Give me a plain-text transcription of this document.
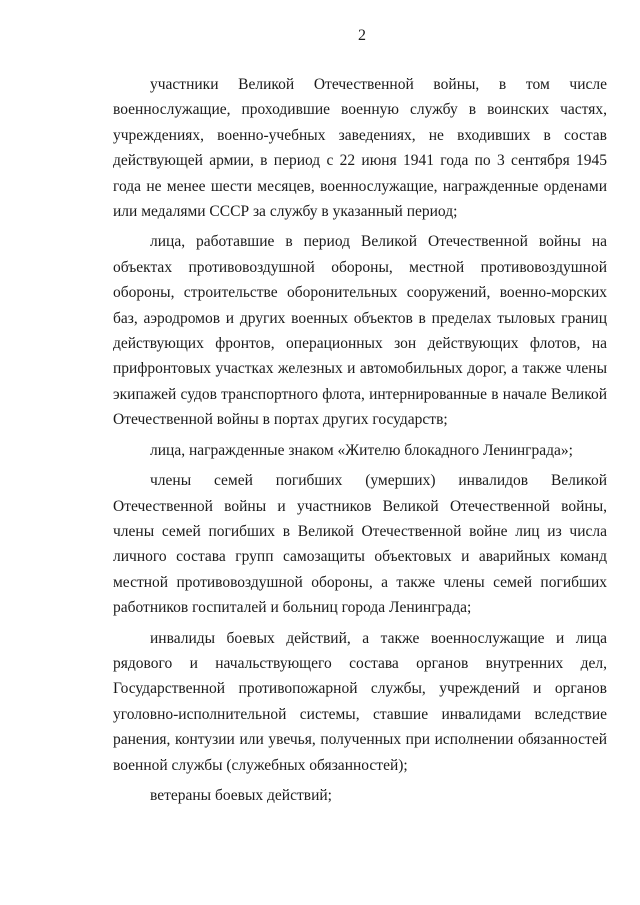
2

участники Великой Отечественной войны, в том числе военнослужащие, проходившие военную службу в воинских частях, учреждениях, военно-учебных заведениях, не входивших в состав действующей армии, в период с 22 июня 1941 года по 3 сентября 1945 года не менее шести месяцев, военнослужащие, награжденные орденами или медалями СССР за службу в указанный период;

лица, работавшие в период Великой Отечественной войны на объектах противовоздушной обороны, местной противовоздушной обороны, строительстве оборонительных сооружений, военно-морских баз, аэродромов и других военных объектов в пределах тыловых границ действующих фронтов, операционных зон действующих флотов, на прифронтовых участках железных и автомобильных дорог, а также члены экипажей судов транспортного флота, интернированные в начале Великой Отечественной войны в портах других государств;

лица, награжденные знаком «Жителю блокадного Ленинграда»;

члены семей погибших (умерших) инвалидов Великой Отечественной войны и участников Великой Отечественной войны, члены семей погибших в Великой Отечественной войне лиц из числа личного состава групп самозащиты объектовых и аварийных команд местной противовоздушной обороны, а также члены семей погибших работников госпиталей и больниц города Ленинграда;

инвалиды боевых действий, а также военнослужащие и лица рядового и начальствующего состава органов внутренних дел, Государственной противопожарной службы, учреждений и органов уголовно-исполнительной системы, ставшие инвалидами вследствие ранения, контузии или увечья, полученных при исполнении обязанностей военной службы (служебных обязанностей);

ветераны боевых действий;
